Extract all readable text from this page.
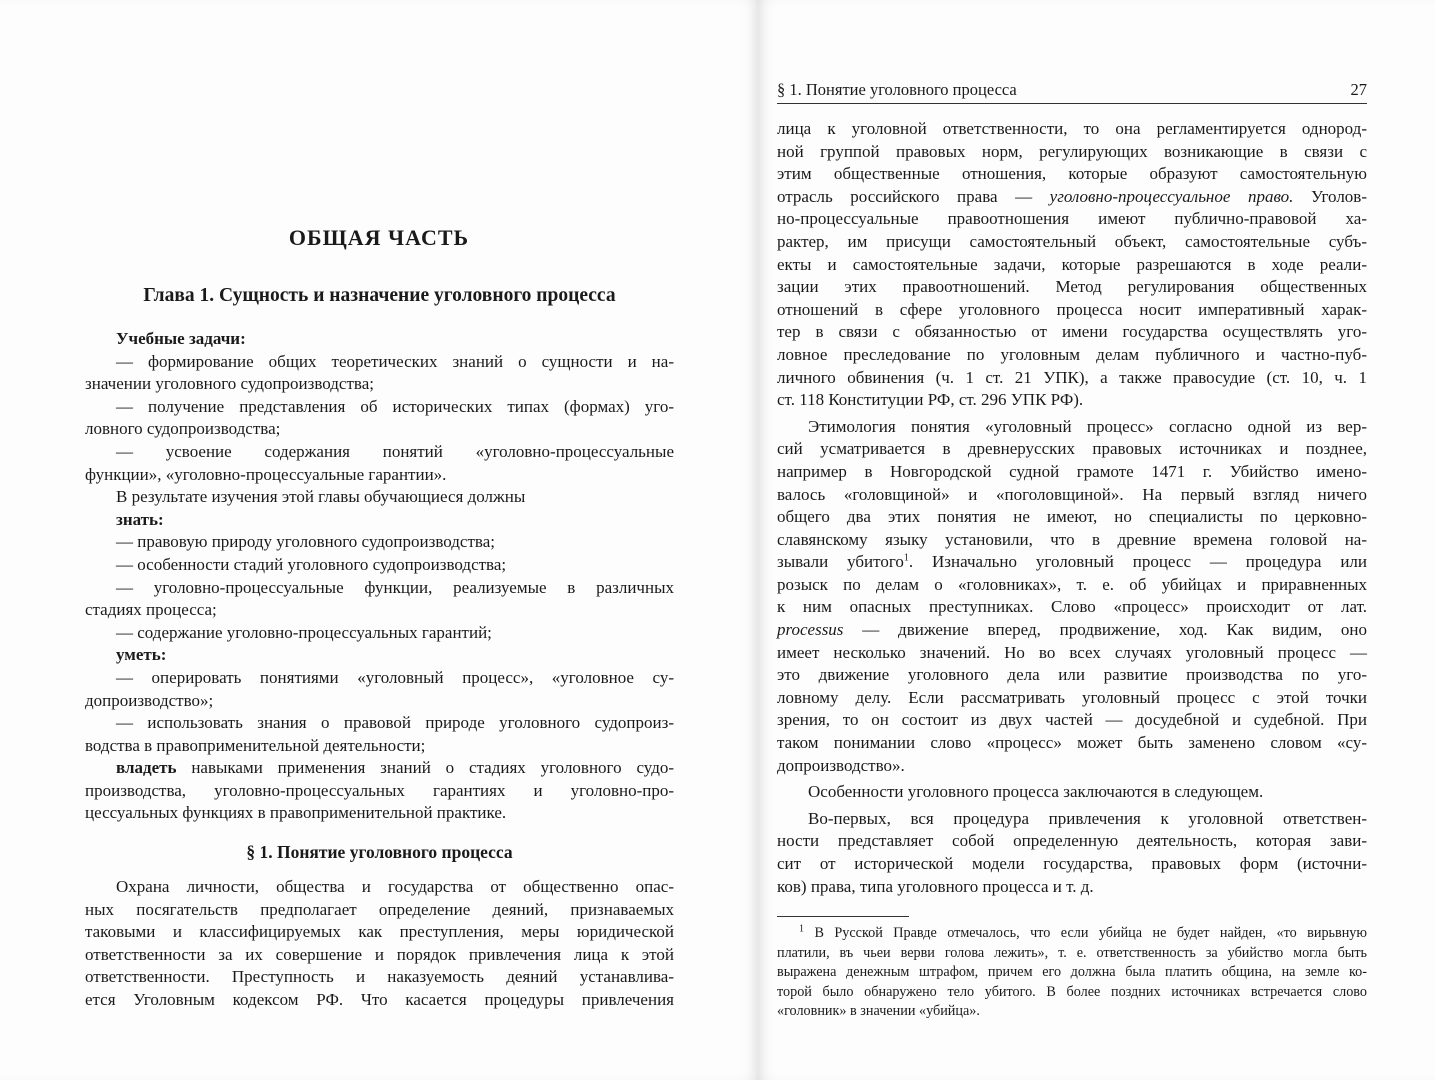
ОБЩАЯ ЧАСТЬ
Глава 1. Сущность и назначение уголовного процесса

Учебные задачи:

— формирование общих теоретических знаний о сущности и на-

значении уголовного судопроизводства;

— получение представления об исторических типах (формах) уго-

ловного судопроизводства;

— усвоение содержания понятий «уголовно-процессуальные

функции», «уголовно-процессуальные гарантии».

В результате изучения этой главы обучающиеся должны

знать:

— правовую природу уголовного судопроизводства;

— особенности стадий уголовного судопроизводства;

— уголовно-процессуальные функции, реализуемые в различных

стадиях процесса;

— содержание уголовно-процессуальных гарантий;

уметь:

— оперировать понятиями «уголовный процесс», «уголовное су-

допроизводство»;

— использовать знания о правовой природе уголовного судопроиз-

водства в правоприменительной деятельности;

владеть навыками применения знаний о стадиях уголовного судо-

производства, уголовно-процессуальных гарантиях и уголовно-про-

цессуальных функциях в правоприменительной практике.

§ 1. Понятие уголовного процесса

Охрана личности, общества и государства от общественно опас-

ных посягательств предполагает определение деяний, признаваемых

таковыми и классифицируемых как преступления, меры юридической

ответственности за их совершение и порядок привлечения лица к этой

ответственности. Преступность и наказуемость деяний устанавлива-

ется Уголовным кодексом РФ. Что касается процедуры привлечения

§ 1. Понятие уголовного процесса	27

лица к уголовной ответственности, то она регламентируется однород-

ной группой правовых норм, регулирующих возникающие в связи с

этим общественные отношения, которые образуют самостоятельную

отрасль российского права — уголовно-процессуальное право. Уголов-

но-процессуальные правоотношения имеют публично-правовой ха-

рактер, им присущи самостоятельный объект, самостоятельные субъ-

екты и самостоятельные задачи, которые разрешаются в ходе реали-

зации этих правоотношений. Метод регулирования общественных

отношений в сфере уголовного процесса носит императивный харак-

тер в связи с обязанностью от имени государства осуществлять уго-

ловное преследование по уголовным делам публичного и частно-пуб-

личного обвинения (ч. 1 ст. 21 УПК), а также правосудие (ст. 10, ч. 1

ст. 118 Конституции РФ, ст. 296 УПК РФ).

Этимология понятия «уголовный процесс» согласно одной из вер-

сий усматривается в древнерусских правовых источниках и позднее,

например в Новгородской судной грамоте 1471 г. Убийство имено-

валось «головщиной» и «поголовщиной». На первый взгляд ничего

общего два этих понятия не имеют, но специалисты по церковно-

славянскому языку установили, что в древние времена головой на-

зывали убитого$^1$. Изначально уголовный процесс — процедура или

розыск по делам о «головниках», т. е. об убийцах и приравненных

к ним опасных преступниках. Слово «процесс» происходит от лат.

processus — движение вперед, продвижение, ход. Как видим, оно

имеет несколько значений. Но во всех случаях уголовный процесс —

это движение уголовного дела или развитие производства по уго-

ловному делу. Если рассматривать уголовный процесс с этой точки

зрения, то он состоит из двух частей — досудебной и судебной. При

таком понимании слово «процесс» может быть заменено словом «су-

допроизводство».

Особенности уголовного процесса заключаются в следующем.

Во-первых, вся процедура привлечения к уголовной ответствен-

ности представляет собой определенную деятельность, которая зави-

сит от исторической модели государства, правовых форм (источни-

ков) права, типа уголовного процесса и т. д.

$^1$ В Русской Правде отмечалось, что если убийца не будет найден, «то вирьвную

платили, въ чьеи верви голова лежить», т. е. ответственность за убийство могла быть

выражена денежным штрафом, причем его должна была платить община, на земле ко-

торой было обнаружено тело убитого. В более поздних источниках встречается слово

«головник» в значении «убийца».
